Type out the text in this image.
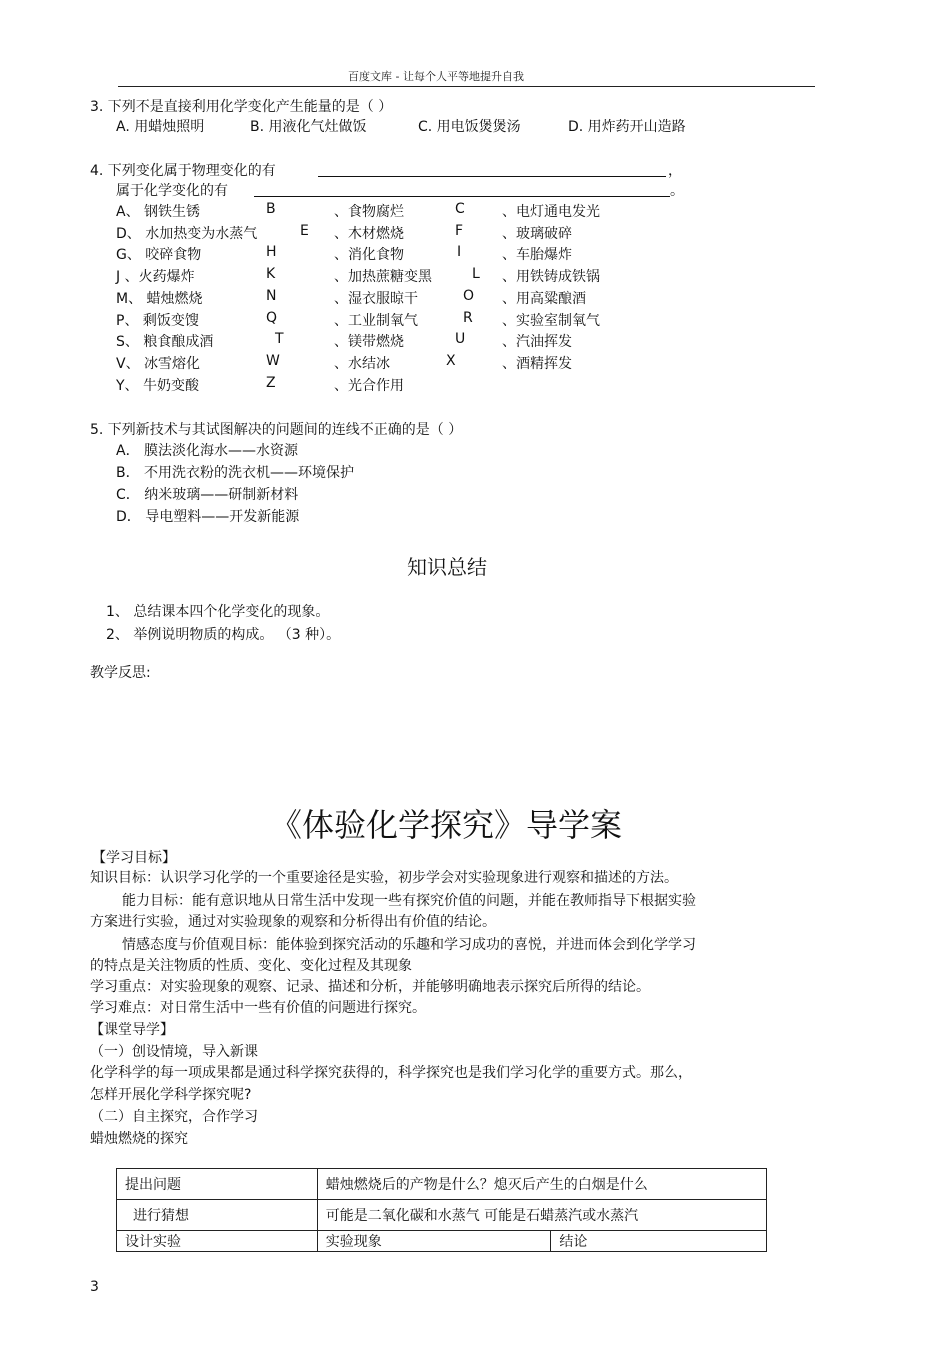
百度文库 - 让每个人平等地提升自我
3. 下列不是直接利用化学变化产生能量的是（ ）
A. 用蜡烛照明	B. 用液化气灶做饭	C. 用电饭煲煲汤	D. 用炸药开山造路
4. 下列变化属于物理变化的有	，
属于化学变化的有	。
A、 钢铁生锈	B	、食物腐烂	C	、电灯通电发光
D、 水加热变为水蒸气	E 、木材燃烧	F	、玻璃破碎
G、 咬碎食物	H	、消化食物	I	、车胎爆炸
J 、火药爆炸	K	、加热蔗糖变黑	L 、用铁铸成铁锅
M、 蜡烛燃烧	N	、湿衣服晾干	O 、用高粱酿酒
P、 剩饭变馊	Q	、工业制氧气	R 、实验室制氧气
S、 粮食酿成酒	T	、镁带燃烧	U	、汽油挥发
V、 冰雪熔化	W	、水结冰	X	、酒精挥发
Y、 牛奶变酸	Z	、光合作用
5. 下列新技术与其试图解决的问题间的连线不正确的是（ ）
A． 膜法淡化海水——水资源
B． 不用洗衣粉的洗衣机——环境保护
C． 纳米玻璃——研制新材料
D． 导电塑料——开发新能源
知识总结
1、 总结课本四个化学变化的现象。
2、 举例说明物质的构成。 （3 种）。
教学反思:
《体验化学探究》导学案
【学习目标】
知识目标：认识学习化学的一个重要途径是实验，初步学会对实验现象进行观察和描述的方法。
能力目标：能有意识地从日常生活中发现一些有探究价值的问题，并能在教师指导下根据实验
方案进行实验，通过对实验现象的观察和分析得出有价值的结论。
情感态度与价值观目标：能体验到探究活动的乐趣和学习成功的喜悦，并进而体会到化学学习
的特点是关注物质的性质、变化、变化过程及其现象
学习重点：对实验现象的观察、记录、描述和分析，并能够明确地表示探究后所得的结论。
学习难点：对日常生活中一些有价值的问题进行探究。
【课堂导学】
（一）创设情境，导入新课
化学科学的每一项成果都是通过科学探究获得的，科学探究也是我们学习化学的重要方式。那么，
怎样开展化学科学探究呢?
（二）自主探究，合作学习
蜡烛燃烧的探究
提出问题	蜡烛燃烧后的产物是什么？熄灭后产生的白烟是什么	
进行猜想	可能是二氧化碳和水蒸气 可能是石蜡蒸汽或水蒸汽	
设计实验	实验现象	结论
3
